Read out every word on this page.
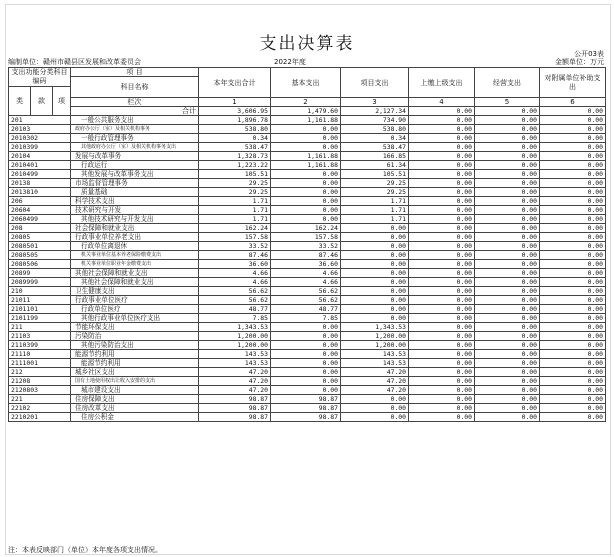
支出决算表	公开03表
编制单位：赣州市赣县区发展和改革委员会	2022年度	金额单位：万元
支出功能分类科目编码			项 目	本年支出合计	基本支出	项目支出	上缴上级支出	经营支出	对附属单位补助支出
			科目名称						
类	款	项							
			栏次	1	2	3	4	5	6
			合计	3,606.95	1,479.60	2,127.34	0.00	0.00	0.00
201			一般公共服务支出	1,896.78	1,161.88	734.90	0.00	0.00	0.00
20103			政府办公厅（室）及相关机构事务	538.80	0.00	538.80	0.00	0.00	0.00
2010302			一般行政管理事务	0.34	0.00	0.34	0.00	0.00	0.00
2010399			其他政府办公厅（室）及相关机构事务支出	538.47	0.00	538.47	0.00	0.00	0.00
20104			发展与改革事务	1,328.73	1,161.88	166.85	0.00	0.00	0.00
2010401			行政运行	1,223.22	1,161.88	61.34	0.00	0.00	0.00
2010499			其他发展与改革事务支出	105.51	0.00	105.51	0.00	0.00	0.00
20138			市场监督管理事务	29.25	0.00	29.25	0.00	0.00	0.00
2013810			质量基础	29.25	0.00	29.25	0.00	0.00	0.00
206			科学技术支出	1.71	0.00	1.71	0.00	0.00	0.00
20604			技术研究与开发	1.71	0.00	1.71	0.00	0.00	0.00
2060499			其他技术研究与开发支出	1.71	0.00	1.71	0.00	0.00	0.00
208			社会保障和就业支出	162.24	162.24	0.00	0.00	0.00	0.00
20805			行政事业单位养老支出	157.58	157.58	0.00	0.00	0.00	0.00
2080501			行政单位离退休	33.52	33.52	0.00	0.00	0.00	0.00
2080505			机关事业单位基本养老保险缴费支出	87.46	87.46	0.00	0.00	0.00	0.00
2080506			机关事业单位职业年金缴费支出	36.60	36.60	0.00	0.00	0.00	0.00
20899			其他社会保障和就业支出	4.66	4.66	0.00	0.00	0.00	0.00
2089999			其他社会保障和就业支出	4.66	4.66	0.00	0.00	0.00	0.00
210			卫生健康支出	56.62	56.62	0.00	0.00	0.00	0.00
21011			行政事业单位医疗	56.62	56.62	0.00	0.00	0.00	0.00
2101101			行政单位医疗	48.77	48.77	0.00	0.00	0.00	0.00
2101199			其他行政事业单位医疗支出	7.85	7.85	0.00	0.00	0.00	0.00
211			节能环保支出	1,343.53	0.00	1,343.53	0.00	0.00	0.00
21103			污染防治	1,200.00	0.00	1,200.00	0.00	0.00	0.00
2110399			其他污染防治支出	1,200.00	0.00	1,200.00	0.00	0.00	0.00
21110			能源节约利用	143.53	0.00	143.53	0.00	0.00	0.00
2111001			能源节约利用	143.53	0.00	143.53	0.00	0.00	0.00
212			城乡社区支出	47.20	0.00	47.20	0.00	0.00	0.00
21208			国有土地使用权出让收入安排的支出	47.20	0.00	47.20	0.00	0.00	0.00
2120803			城市建设支出	47.20	0.00	47.20	0.00	0.00	0.00
221			住房保障支出	98.87	98.87	0.00	0.00	0.00	0.00
22102			住房改革支出	98.87	98.87	0.00	0.00	0.00	0.00
2210201			住房公积金	98.87	98.87	0.00	0.00	0.00	0.00
注：本表反映部门（单位）本年度各项支出情况。
